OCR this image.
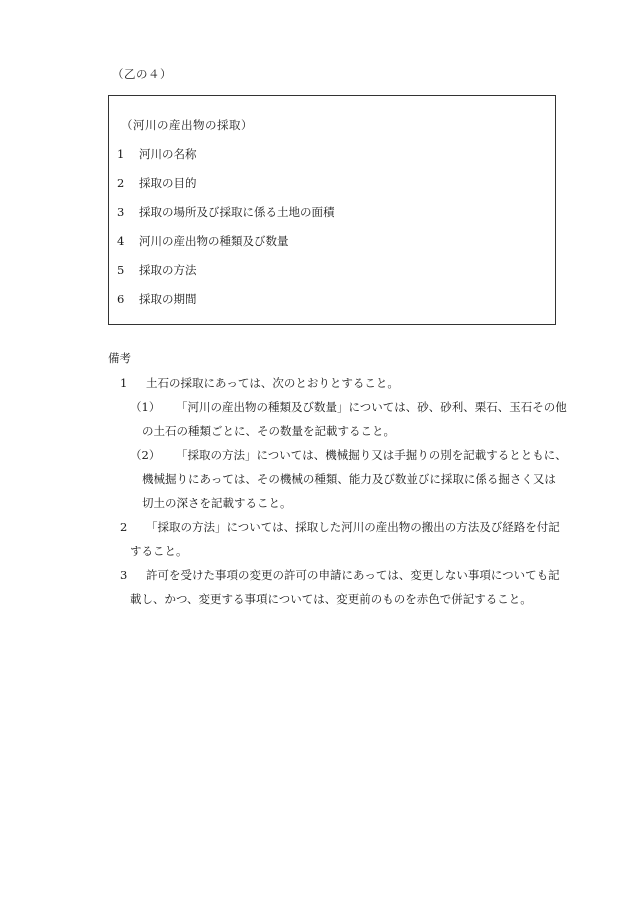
（乙の４）
（河川の産出物の採取）
1 河川の名称
2 採取の目的
3 採取の場所及び採取に係る土地の面積
4 河川の産出物の種類及び数量
5 採取の方法
6 採取の期間
備考
1 土石の採取にあっては、次のとおりとすること。
（1） 「河川の産出物の種類及び数量」については、砂、砂利、栗石、玉石その他
の土石の種類ごとに、その数量を記載すること。
（2） 「採取の方法」については、機械掘り又は手掘りの別を記載するとともに、
機械掘りにあっては、その機械の種類、能力及び数並びに採取に係る掘さく又は
切土の深さを記載すること。
2 「採取の方法」については、採取した河川の産出物の搬出の方法及び経路を付記
すること。
3 許可を受けた事項の変更の許可の申請にあっては、変更しない事項についても記
載し、かつ、変更する事項については、変更前のものを赤色で併記すること。
